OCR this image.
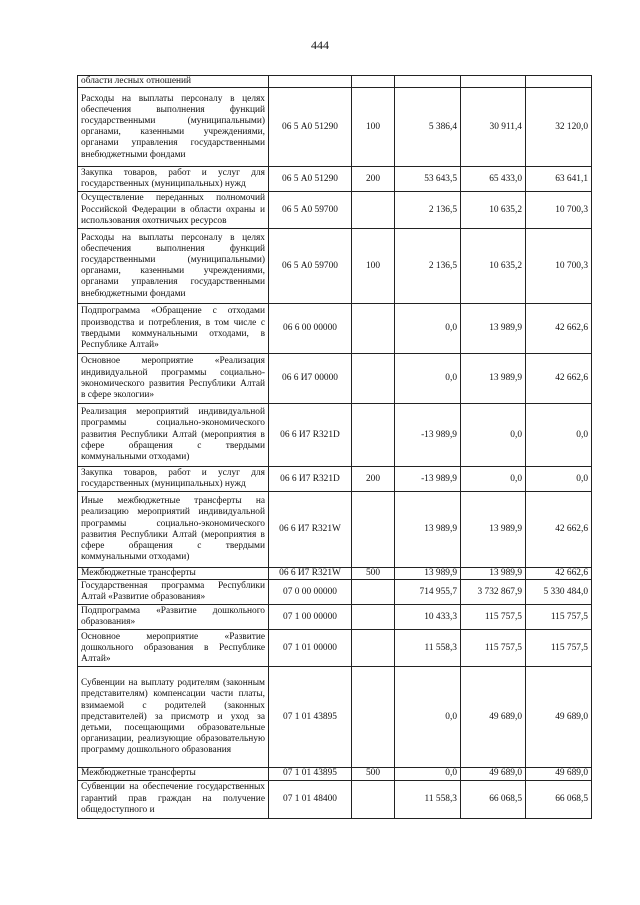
444
области лесных отношений					
Расходы на выплаты персоналу в целях обеспечения выполнения функций государственными (муниципальными) органами, казенными учреждениями, органами управления государственными внебюджетными фондами	06 5 А0 51290	100	5 386,4	30 911,4	32 120,0
Закупка товаров, работ и услуг для государственных (муниципальных) нужд	06 5 А0 51290	200	53 643,5	65 433,0	63 641,1
Осуществление переданных полномочий Российской Федерации в области охраны и использования охотничьих ресурсов	06 5 А0 59700		2 136,5	10 635,2	10 700,3
Расходы на выплаты персоналу в целях обеспечения выполнения функций государственными (муниципальными) органами, казенными учреждениями, органами управления государственными внебюджетными фондами	06 5 А0 59700	100	2 136,5	10 635,2	10 700,3
Подпрограмма «Обращение с отходами производства и потребления, в том числе с твердыми коммунальными отходами, в Республике Алтай»	06 6 00 00000		0,0	13 989,9	42 662,6
Основное мероприятие «Реализация индивидуальной программы социально-экономического развития Республики Алтай в сфере экологии»	06 6 И7 00000		0,0	13 989,9	42 662,6
Реализация мероприятий индивидуальной программы социально-экономического развития Республики Алтай (мероприятия в сфере обращения с твердыми коммунальными отходами)	06 6 И7 R321D		-13 989,9	0,0	0,0
Закупка товаров, работ и услуг для государственных (муниципальных) нужд	06 6 И7 R321D	200	-13 989,9	0,0	0,0
Иные межбюджетные трансферты на реализацию мероприятий индивидуальной программы социально-экономического развития Республики Алтай (мероприятия в сфере обращения с твердыми коммунальными отходами)	06 6 И7 R321W		13 989,9	13 989,9	42 662,6
Межбюджетные трансферты	06 6 И7 R321W	500	13 989,9	13 989,9	42 662,6
Государственная программа Республики Алтай «Развитие образования»	07 0 00 00000		714 955,7	3 732 867,9	5 330 484,0
Подпрограмма «Развитие дошкольного образования»	07 1 00 00000		10 433,3	115 757,5	115 757,5
Основное мероприятие «Развитие дошкольного образования в Республике Алтай»	07 1 01 00000		11 558,3	115 757,5	115 757,5
Субвенции на выплату родителям (законным представителям) компенсации части платы, взимаемой с родителей (законных представителей) за присмотр и уход за детьми, посещающими образовательные организации, реализующие образовательную программу дошкольного образования	07 1 01 43895		0,0	49 689,0	49 689,0
Межбюджетные трансферты	07 1 01 43895	500	0,0	49 689,0	49 689,0
Субвенции на обеспечение государственных гарантий прав граждан на получение общедоступного и	07 1 01 48400		11 558,3	66 068,5	66 068,5
